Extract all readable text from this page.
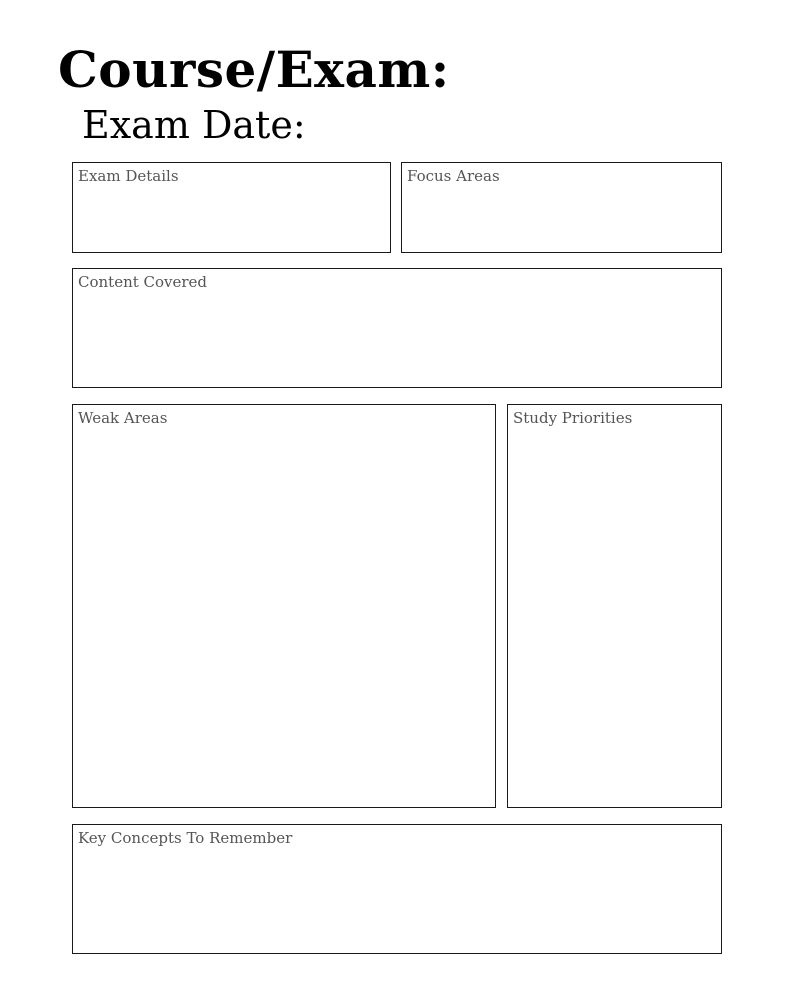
Course/Exam:
Exam Date:
Exam Details	Focus Areas
Content Covered
Weak Areas	Study Priorities
Key Concepts To Remember
